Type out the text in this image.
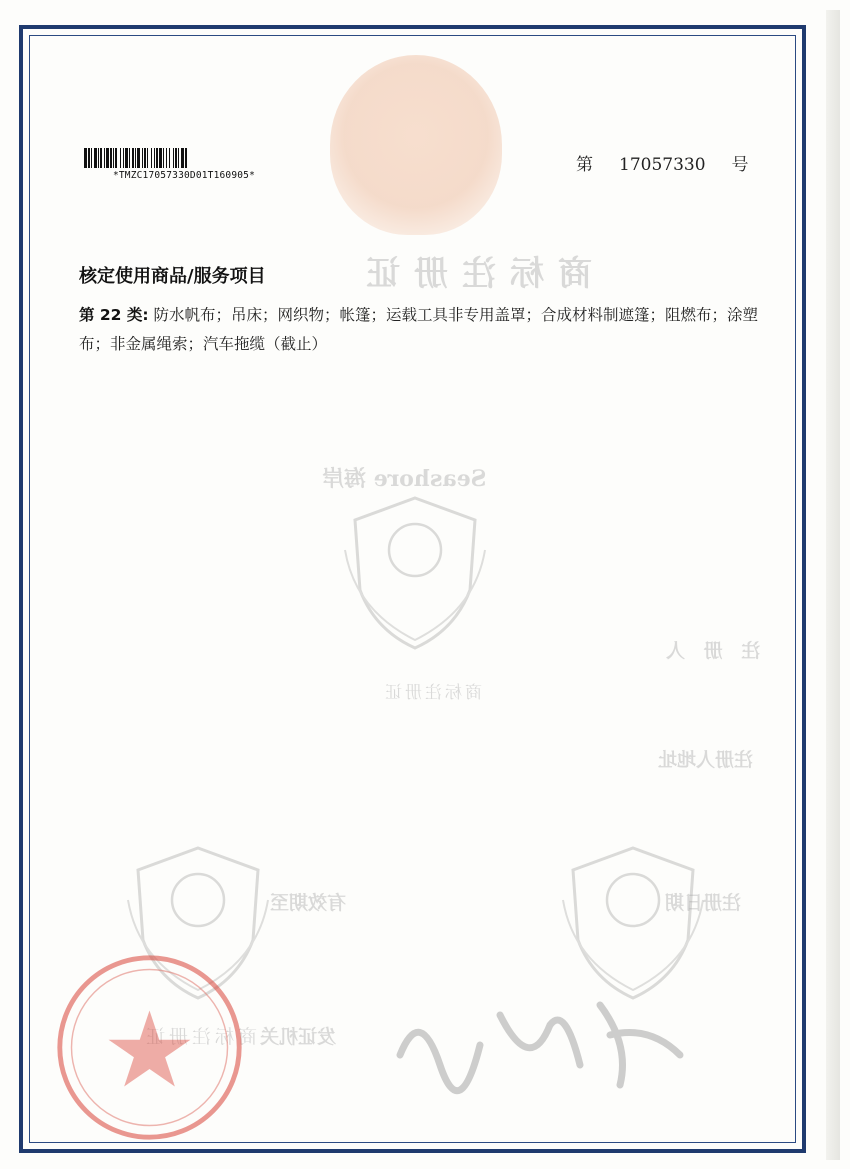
商标注册证
Seashore 海岸
注 册 人
注册人地址
商标注册证
注册日期
有效期至
发证机关
商标注册证
*TMZC17057330D01T160905*
第 17057330 号
核定使用商品/服务项目
第 22 类: 防水帆布；吊床；网织物；帐篷；运载工具非专用盖罩；合成材料制遮篷；阻燃布；涂塑布；非金属绳索；汽车拖缆（截止）
